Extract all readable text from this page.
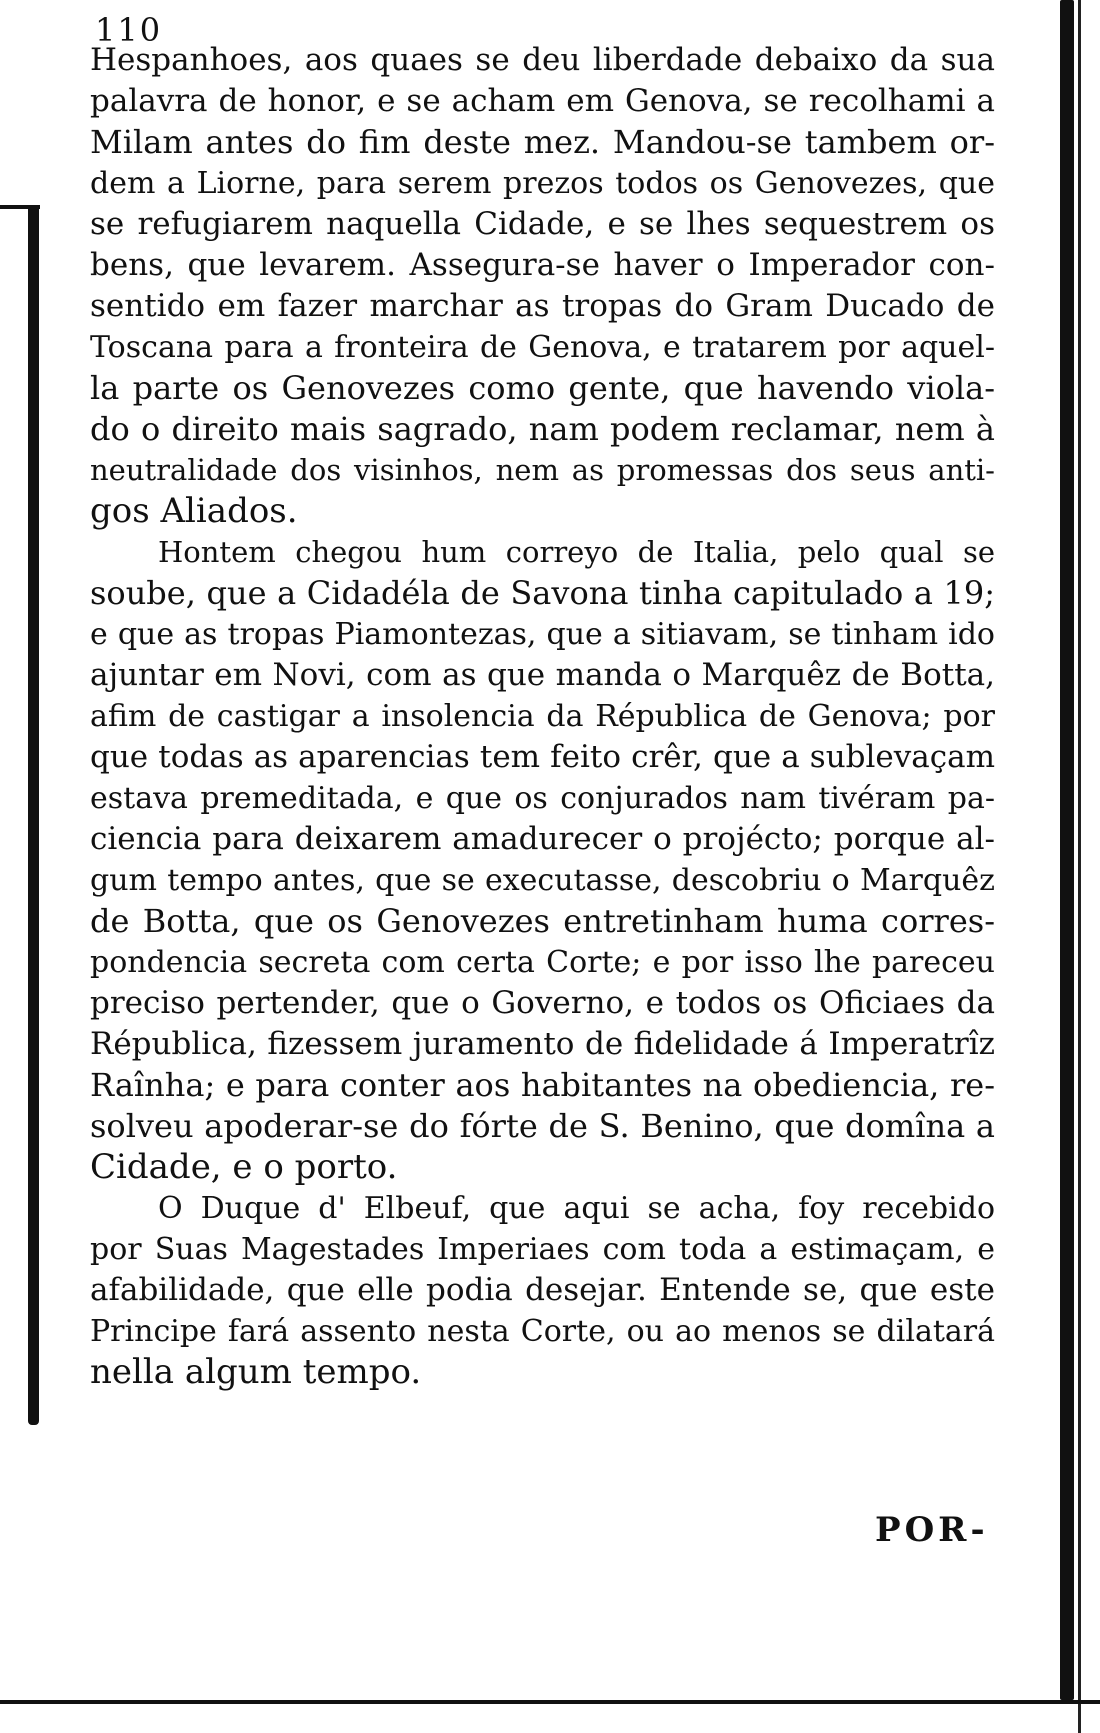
110
Hespanhoes, aos quaes se deu liberdade debaixo da sua
palavra de honor, e se acham em Genova, se recolhami a
Milam antes do fim deste mez. Mandou-se tambem or-
dem a Liorne, para serem prezos todos os Genovezes, que
se refugiarem naquella Cidade, e se lhes sequestrem os
bens, que levarem. Assegura-se haver o Imperador con-
sentido em fazer marchar as tropas do Gram Ducado de
Toscana para a fronteira de Genova, e tratarem por aquel-
la parte os Genovezes como gente, que havendo viola-
do o direito mais sagrado, nam podem reclamar, nem à
neutralidade dos visinhos, nem as promessas dos seus anti-
gos Aliados.
Hontem chegou hum correyo de Italia, pelo qual se
soube, que a Cidadéla de Savona tinha capitulado a 19;
e que as tropas Piamontezas, que a sitiavam, se tinham ido
ajuntar em Novi, com as que manda o Marquêz de Botta,
afim de castigar a insolencia da Républica de Genova; por
que todas as aparencias tem feito crêr, que a sublevaçam
estava premeditada, e que os conjurados nam tivéram pa-
ciencia para deixarem amadurecer o projécto; porque al-
gum tempo antes, que se executasse, descobriu o Marquêz
de Botta, que os Genovezes entretinham huma corres-
pondencia secreta com certa Corte; e por isso lhe pareceu
preciso pertender, que o Governo, e todos os Oficiaes da
Républica, fizessem juramento de fidelidade á Imperatrîz
Raînha; e para conter aos habitantes na obediencia, re-
solveu apoderar-se do fórte de S. Benino, que domîna a
Cidade, e o porto.
O Duque d' Elbeuf, que aqui se acha, foy recebido
por Suas Magestades Imperiaes com toda a estimaçam, e
afabilidade, que elle podia desejar. Entende se, que este
Principe fará assento nesta Corte, ou ao menos se dilatará
nella algum tempo.
POR-
